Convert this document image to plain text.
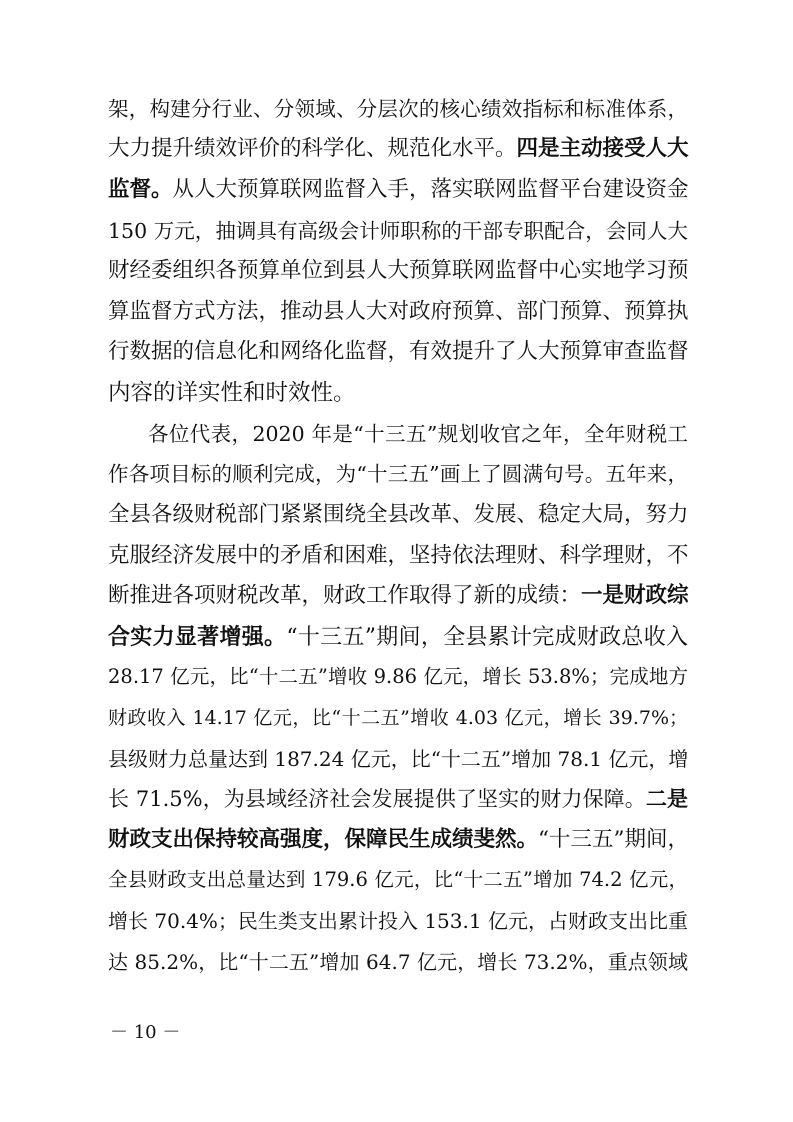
架，构建分行业、分领域、分层次的核心绩效指标和标准体系，
大力提升绩效评价的科学化、规范化水平。四是主动接受人大
监督。从人大预算联网监督入手，落实联网监督平台建设资金
150 万元，抽调具有高级会计师职称的干部专职配合，会同人大
财经委组织各预算单位到县人大预算联网监督中心实地学习预
算监督方式方法，推动县人大对政府预算、部门预算、预算执
行数据的信息化和网络化监督，有效提升了人大预算审查监督
内容的详实性和时效性。
各位代表，2020 年是“十三五”规划收官之年，全年财税工
作各项目标的顺利完成，为“十三五”画上了圆满句号。五年来，
全县各级财税部门紧紧围绕全县改革、发展、稳定大局，努力
克服经济发展中的矛盾和困难，坚持依法理财、科学理财，不
断推进各项财税改革，财政工作取得了新的成绩：一是财政综
合实力显著增强。“十三五”期间，全县累计完成财政总收入
28.17 亿元，比“十二五”增收 9.86 亿元，增长 53.8%；完成地方
财政收入 14.17 亿元，比“十二五”增收 4.03 亿元，增长 39.7%；
县级财力总量达到 187.24 亿元，比“十二五”增加 78.1 亿元，增
长 71.5%，为县域经济社会发展提供了坚实的财力保障。二是
财政支出保持较高强度，保障民生成绩斐然。“十三五”期间，
全县财政支出总量达到 179.6 亿元，比“十二五”增加 74.2 亿元，
增长 70.4%；民生类支出累计投入 153.1 亿元，占财政支出比重
达 85.2%，比“十二五”增加 64.7 亿元，增长 73.2%，重点领域
－ 10 －
